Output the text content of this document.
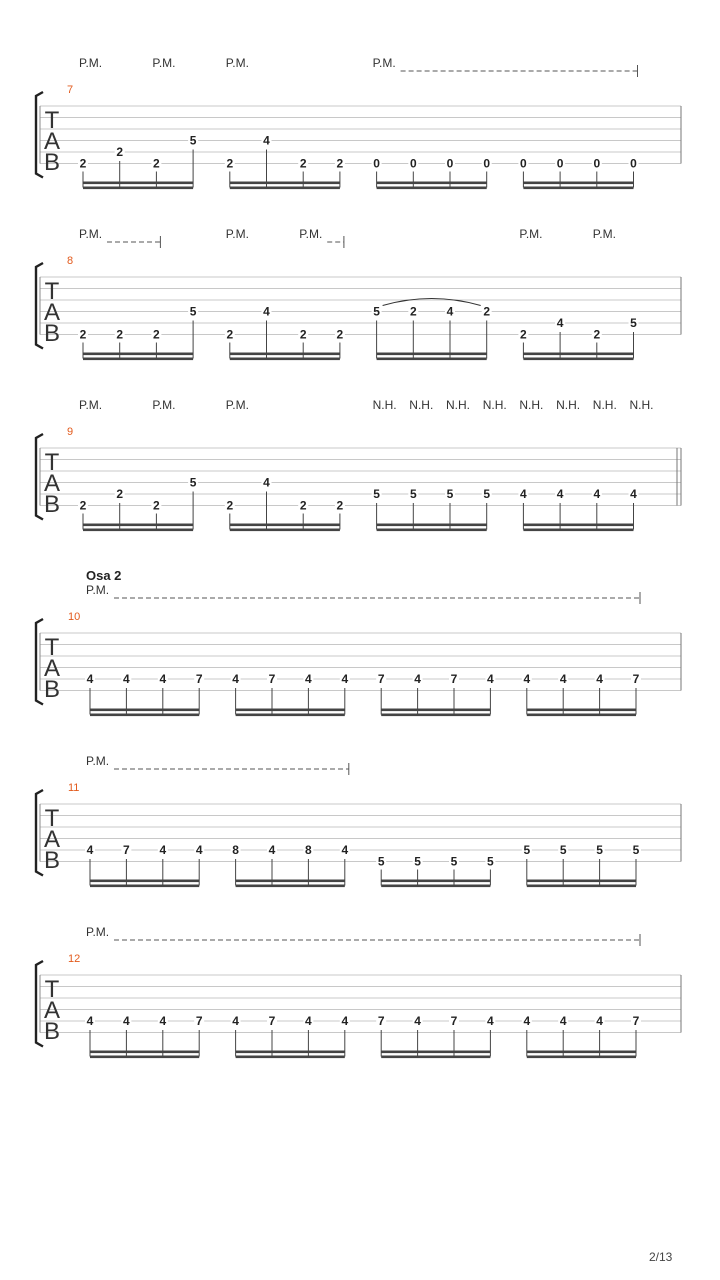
T
A
B
7
P.M.	P.M.	P.M.	P.M.
2
2
2
5
2
4
2	2	0	0	0	0	0	0	0	0
T
A
B
8
P.M.	P.M.	P.M.	P.M.	P.M.
2	2	2
5
2
4
2	2
5	2	4	2
2
4
2
5
T
A
B
9
P.M.	P.M.	P.M.	N.H. N.H. N.H. N.H. N.H. N.H. N.H. N.H.
2
2
2
5
2
4
2	2
5	5	5	5	4	4	4	4
T
A
B
10
Osa 2
P.M.
4 4 4 7 4 7 4 4 7 4 7 4 4 4 4 7
T
A
B
11
P.M.
4 7 4 4 8 4 8 4
5 5 5 5
5 5 5 5
T
A
B
12
P.M.
4 4 4 7 4 7 4 4 7 4 7 4 4 4 4 7
2/13
